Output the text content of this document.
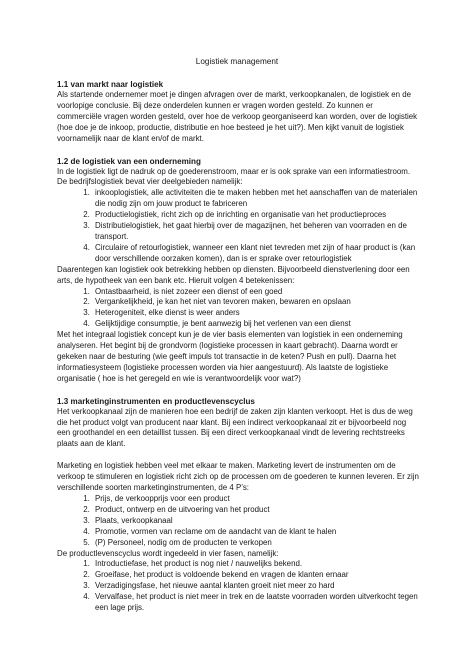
Logistiek management
1.1 van markt naar logistiek

Als startende ondernemer moet je dingen afvragen over de markt, verkoopkanalen, de logistiek en de voorlopige conclusie. Bij deze onderdelen kunnen er vragen worden gesteld. Zo kunnen er commerciële vragen worden gesteld, over hoe de verkoop georganiseerd kan worden, over de logistiek (hoe doe je de inkoop, productie, distributie en hoe besteed je het uit?). Men kijkt vanuit de logistiek voornamelijk naar de klant en/of de markt.

1.2 de logistiek van een onderneming

In de logistiek ligt de nadruk op de goederenstroom, maar er is ook sprake van een informatiestroom. De bedrijfslogistiek bevat vier deelgebieden namelijk:

1. inkooplogistiek, alle activiteiten die te maken hebben met het aanschaffen van de materialen die nodig zijn om jouw product te fabriceren
2. Productielogistiek, richt zich op de inrichting en organisatie van het productieproces
3. Distributielogistiek, het gaat hierbij over de magazijnen, het beheren van voorraden en de transport.
4. Circulaire of retourlogistiek, wanneer een klant niet tevreden met zijn of haar product is (kan door verschillende oorzaken komen), dan is er sprake over retourlogistiek

Daarentegen kan logistiek ook betrekking hebben op diensten. Bijvoorbeeld dienstverlening door een arts, de hypotheek van een bank etc. Hieruit volgen 4 betekenissen:

1. Ontastbaarheid, is niet zozeer een dienst of een goed
2. Vergankelijkheid, je kan het niet van tevoren maken, bewaren en opslaan
3. Heterogeniteit, elke dienst is weer anders
4. Gelijktijdige consumptie, je bent aanwezig bij het verlenen van een dienst

Met het integraal logistiek concept kun je de vier basis elementen van logistiek in een onderneming analyseren. Het begint bij de grondvorm (logistieke processen in kaart gebracht). Daarna wordt er gekeken naar de besturing (wie geeft impuls tot transactie in de keten? Push en pull). Daarna het informatiesysteem (logistieke processen worden via hier aangestuurd). Als laatste de logistieke organisatie ( hoe is het geregeld en wie is verantwoordelijk voor wat?)

1.3 marketinginstrumenten en productlevenscyclus

Het verkoopkanaal zijn de manieren hoe een bedrijf de zaken zijn klanten verkoopt. Het is dus de weg die het product volgt van producent naar klant. Bij een indirect verkoopkanaal zit er bijvoorbeeld nog een groothandel en een detaillist tussen. Bij een direct verkoopkanaal vindt de levering rechtstreeks plaats aan de klant.

Marketing en logistiek hebben veel met elkaar te maken. Marketing levert de instrumenten om de verkoop te stimuleren en logistiek richt zich op de processen om de goederen te kunnen leveren. Er zijn verschillende soorten marketinginstrumenten, de 4 P’s:

1. Prijs, de verkoopprijs voor een product
2. Product, ontwerp en de uitvoering van het product
3. Plaats, verkoopkanaal
4. Promotie, vormen van reclame om de aandacht van de klant te halen
5. (P) Personeel, nodig om de producten te verkopen

De productlevenscyclus wordt ingedeeld in vier fasen, namelijk:

1. Introductiefase, het product is nog niet / nauwelijks bekend.
2. Groeifase, het product is voldoende bekend en vragen de klanten ernaar
3. Verzadigingsfase, het nieuwe aantal klanten groeit niet meer zo hard
4. Vervalfase, het product is niet meer in trek en de laatste voorraden worden uitverkocht tegen een lage prijs.
